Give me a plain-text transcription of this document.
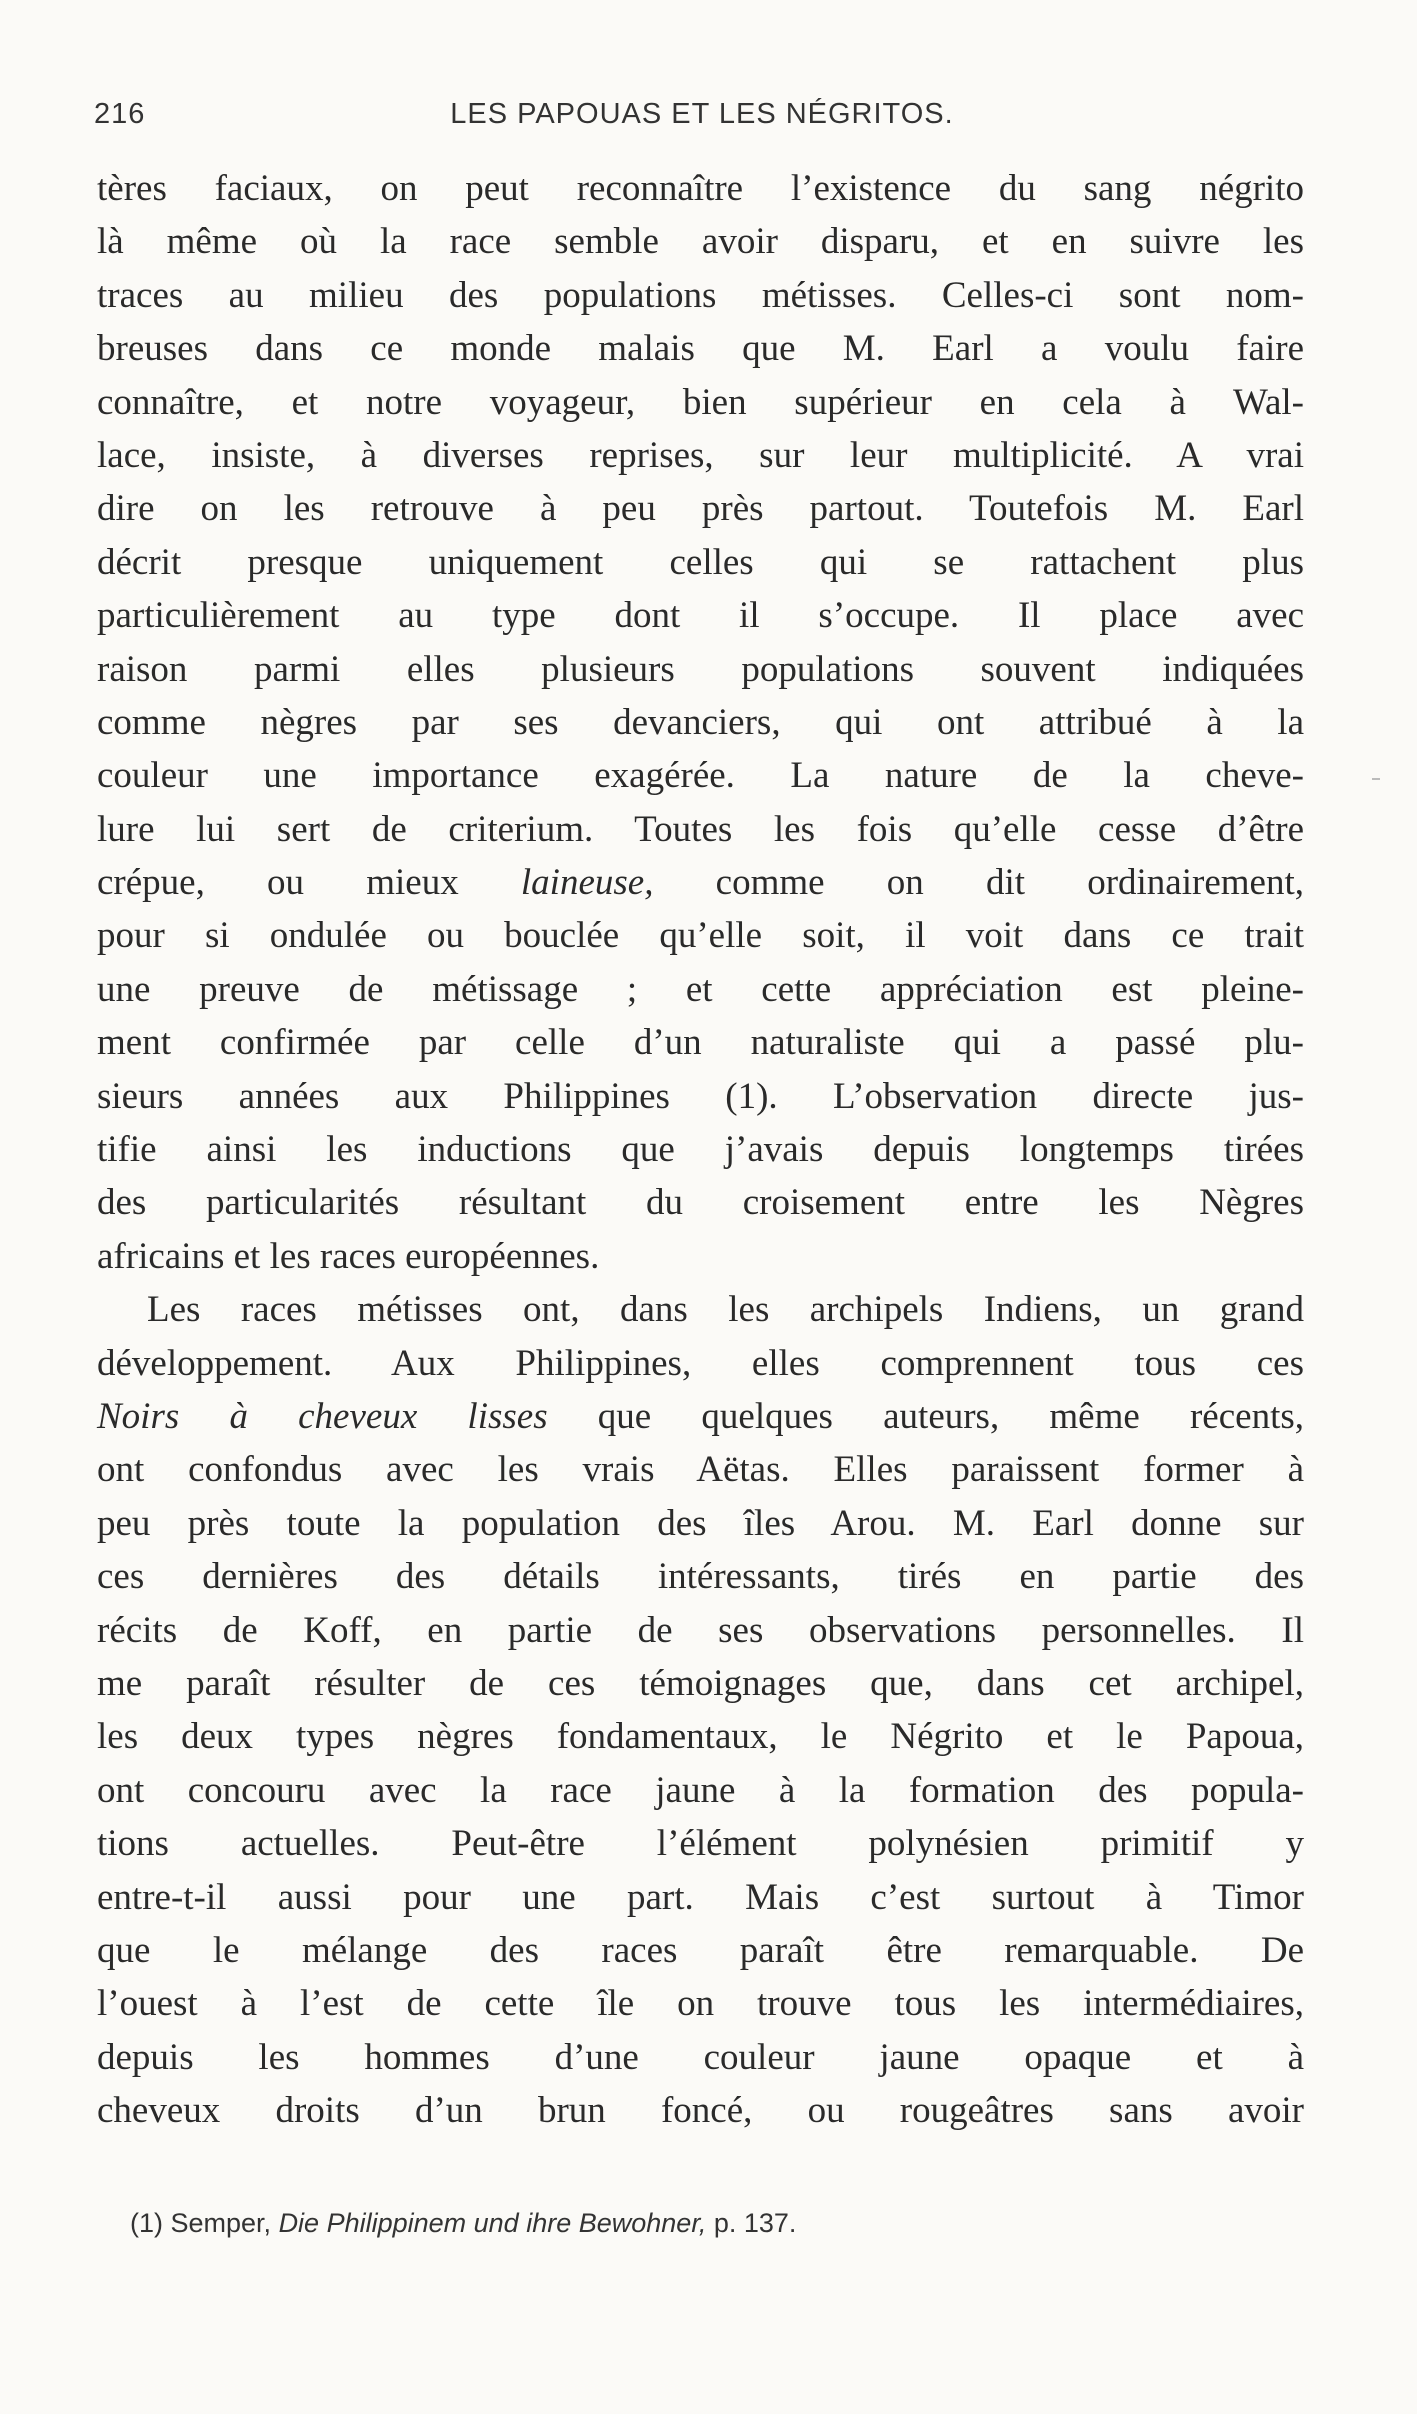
216	LES PAPOUAS ET LES NÉGRITOS.
tères faciaux, on peut reconnaître l’existence du sang négrito
là même où la race semble avoir disparu, et en suivre les
traces au milieu des populations métisses. Celles-ci sont nom-
breuses dans ce monde malais que M. Earl a voulu faire
connaître, et notre voyageur, bien supérieur en cela à Wal-
lace, insiste, à diverses reprises, sur leur multiplicité. A vrai
dire on les retrouve à peu près partout. Toutefois M. Earl
décrit presque uniquement celles qui se rattachent plus
particulièrement au type dont il s’occupe. Il place avec
raison parmi elles plusieurs populations souvent indiquées
comme nègres par ses devanciers, qui ont attribué à la
couleur une importance exagérée. La nature de la cheve-
lure lui sert de criterium. Toutes les fois qu’elle cesse d’être
crépue, ou mieux laineuse, comme on dit ordinairement,
pour si ondulée ou bouclée qu’elle soit, il voit dans ce trait
une preuve de métissage ; et cette appréciation est pleine-
ment confirmée par celle d’un naturaliste qui a passé plu-
sieurs années aux Philippines (1). L’observation directe jus-
tifie ainsi les inductions que j’avais depuis longtemps tirées
des particularités résultant du croisement entre les Nègres
africains et les races européennes.
Les races métisses ont, dans les archipels Indiens, un grand
développement. Aux Philippines, elles comprennent tous ces
Noirs à cheveux lisses que quelques auteurs, même récents,
ont confondus avec les vrais Aëtas. Elles paraissent former à
peu près toute la population des îles Arou. M. Earl donne sur
ces dernières des détails intéressants, tirés en partie des
récits de Koff, en partie de ses observations personnelles. Il
me paraît résulter de ces témoignages que, dans cet archipel,
les deux types nègres fondamentaux, le Négrito et le Papoua,
ont concouru avec la race jaune à la formation des popula-
tions actuelles. Peut-être l’élément polynésien primitif y
entre-t-il aussi pour une part. Mais c’est surtout à Timor
que le mélange des races paraît être remarquable. De
l’ouest à l’est de cette île on trouve tous les intermédiaires,
depuis les hommes d’une couleur jaune opaque et à
cheveux droits d’un brun foncé, ou rougeâtres sans avoir
(1) Semper, Die Philippinem und ihre Bewohner, p. 137.
